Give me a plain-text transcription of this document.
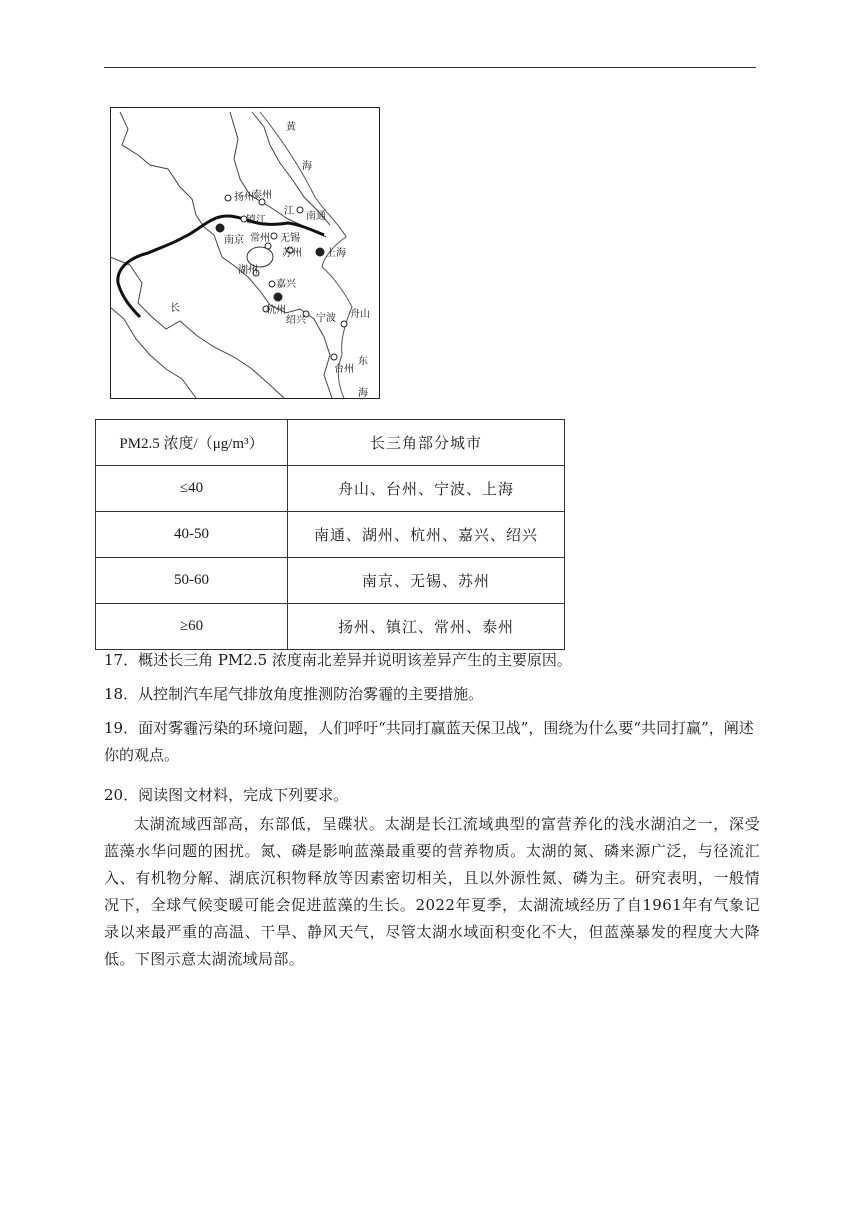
黄
海
扬州
泰州
江 南通
镇江
南京 常州 无锡
苏州 上海
湖州
嘉兴
长	杭州
绍兴 宁波 舟山
东
台州
海
PM2.5 浓度/（μg/m³）	长三角部分城市
≤40	舟山、台州、宁波、上海
40-50	南通、湖州、杭州、嘉兴、绍兴
50-60	南京、无锡、苏州
≥60	扬州、镇江、常州、泰州
17．概述长三角 PM2.5 浓度南北差异并说明该差异产生的主要原因。
18．从控制汽车尾气排放角度推测防治雾霾的主要措施。
19．面对雾霾污染的环境问题，人们呼吁“共同打赢蓝天保卫战”，围绕为什么要“共同打赢”，阐述你的观点。
20．阅读图文材料，完成下列要求。
太湖流域西部高，东部低，呈碟状。太湖是长江流域典型的富营养化的浅水湖泊之一，深受蓝藻水华问题的困扰。氮、磷是影响蓝藻最重要的营养物质。太湖的氮、磷来源广泛，与径流汇入、有机物分解、湖底沉积物释放等因素密切相关，且以外源性氮、磷为主。研究表明，一般情况下，全球气候变暖可能会促进蓝藻的生长。2022年夏季，太湖流域经历了自1961年有气象记录以来最严重的高温、干旱、静风天气，尽管太湖水域面积变化不大，但蓝藻暴发的程度大大降低。下图示意太湖流域局部。
